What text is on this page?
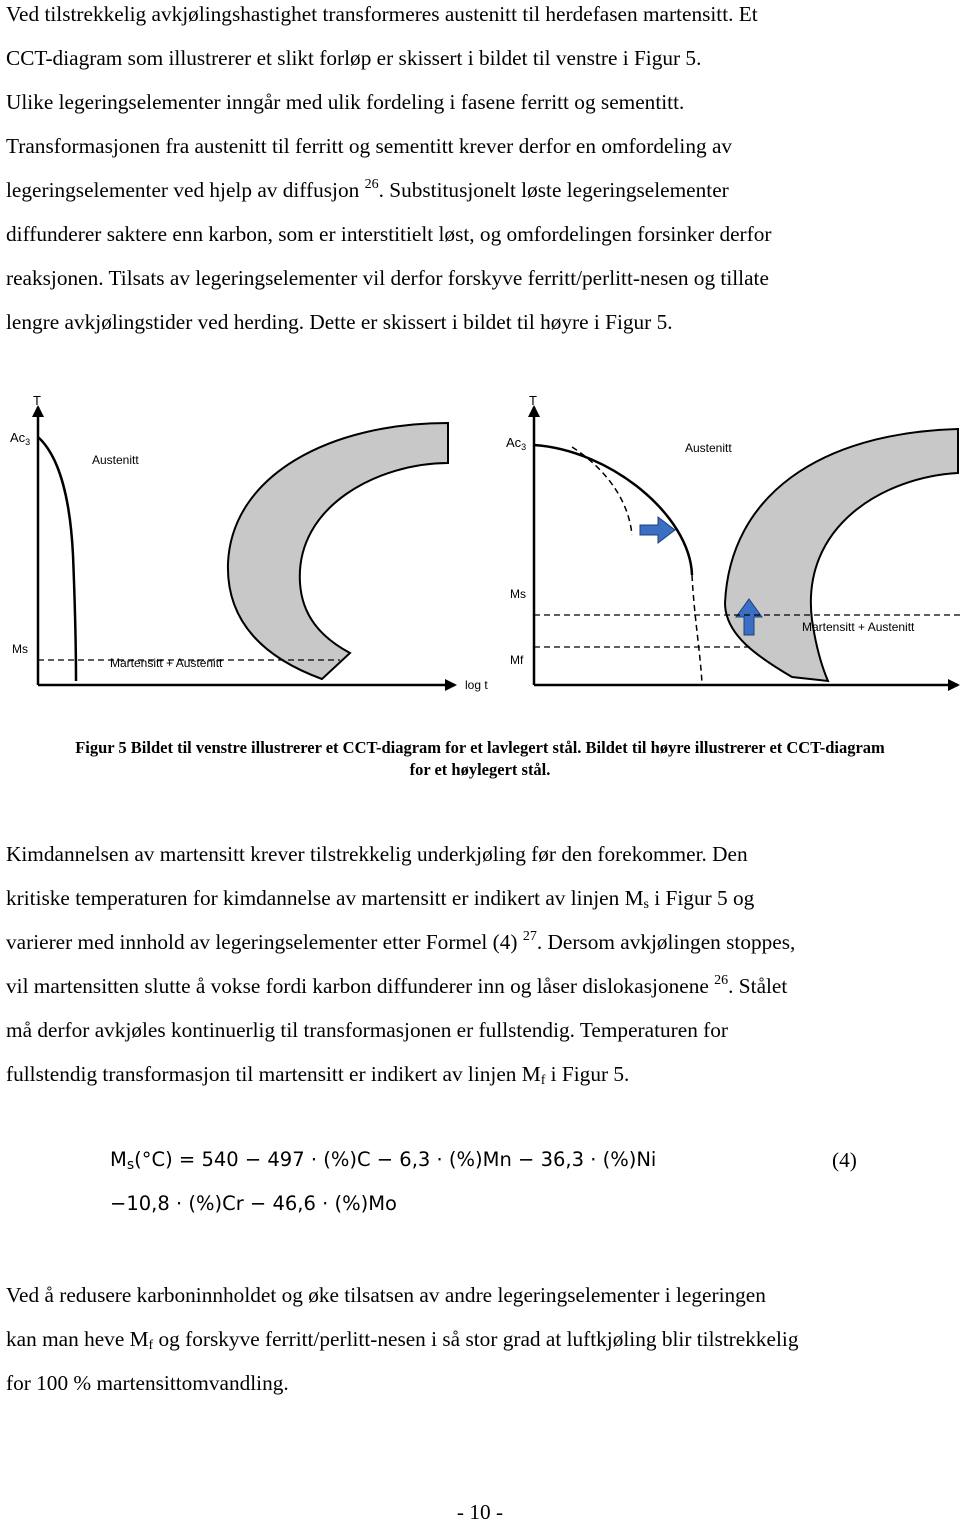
Ved tilstrekkelig avkjølingshastighet transformeres austenitt til herdefasen martensitt. Et
CCT-diagram som illustrerer et slikt forløp er skissert i bildet til venstre i Figur 5.
Ulike legeringselementer inngår med ulik fordeling i fasene ferritt og sementitt.
Transformasjonen fra austenitt til ferritt og sementitt krever derfor en omfordeling av
legeringselementer ved hjelp av diffusjon $^{26}$. Substitusjonelt løste legeringselementer
diffunderer saktere enn karbon, som er interstitielt løst, og omfordelingen forsinker derfor
reaksjonen. Tilsats av legeringselementer vil derfor forskyve ferritt/perlitt-nesen og tillate
lengre avkjølingstider ved herding. Dette er skissert i bildet til høyre i Figur 5.
T
$Ac_3$
Austenitt
Ms
Martensitt + Austenitt
log t
T
$Ac_3$	Austenitt
Ms
Martensitt + Austenitt
Mf
Figur 5 Bildet til venstre illustrerer et CCT-diagram for et lavlegert stål. Bildet til høyre illustrerer et CCT-diagram
for et høylegert stål.
Kimdannelsen av martensitt krever tilstrekkelig underkjøling før den forekommer. Den
kritiske temperaturen for kimdannelse av martensitt er indikert av linjen $M_s$ i Figur 5 og
varierer med innhold av legeringselementer etter Formel (4) $^{27}$. Dersom avkjølingen stoppes,
vil martensitten slutte å vokse fordi karbon diffunderer inn og låser dislokasjonene $^{26}$. Stålet
må derfor avkjøles kontinuerlig til transformasjonen er fullstendig. Temperaturen for
fullstendig transformasjon til martensitt er indikert av linjen $M_f$ i Figur 5.
$M_s(^\circ C) = 540 - 497 \cdot (\%)C - 6,3 \cdot (\%)Mn - 36,3 \cdot (\%)Ni$
−10,8 ⋅ (%)Cr − 46,6 ⋅ (%)Mo
(4)
Ved å redusere karboninnholdet og øke tilsatsen av andre legeringselementer i legeringen
kan man heve $M_f$ og forskyve ferritt/perlitt-nesen i så stor grad at luftkjøling blir tilstrekkelig
for 100 % martensittomvandling.
- 10 -
